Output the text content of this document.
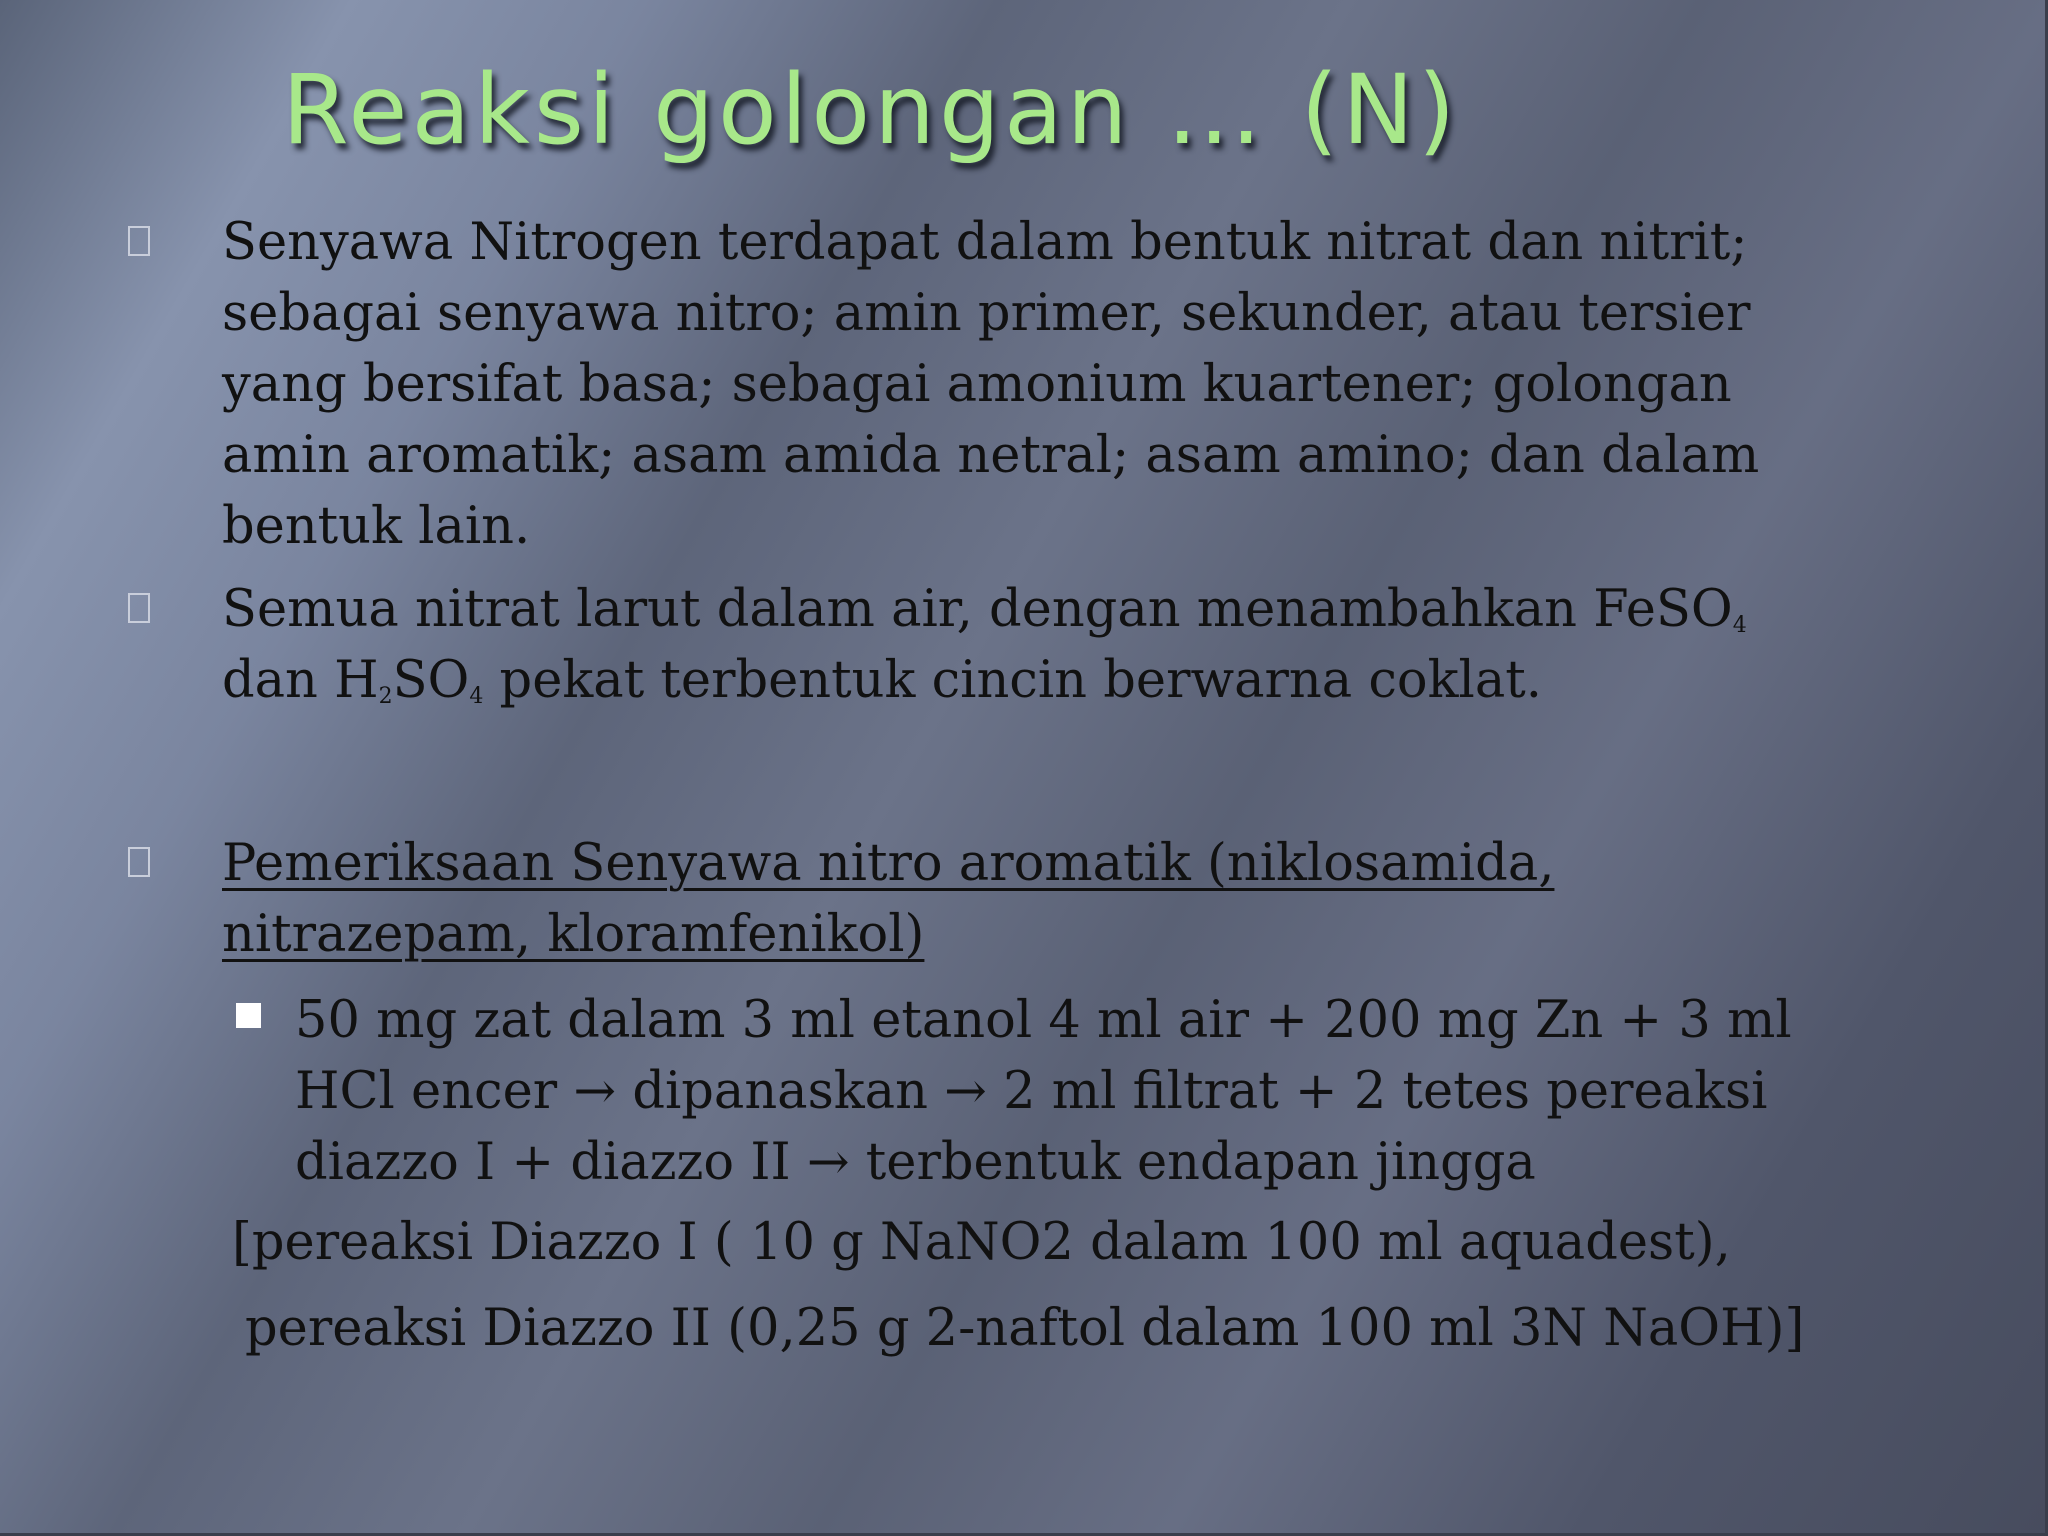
Reaksi golongan … (N)
Senyawa Nitrogen terdapat dalam bentuk nitrat dan nitrit; sebagai senyawa nitro; amin primer, sekunder, atau tersier yang bersifat basa; sebagai amonium kuartener; golongan amin aromatik; asam amida netral; asam amino; dan dalam bentuk lain.
Semua nitrat larut dalam air, dengan menambahkan FeSO$_4$
dan $H_2SO_4$ pekat terbentuk cincin berwarna coklat.
Pemeriksaan Senyawa nitro aromatik (niklosamida, nitrazepam, kloramfenikol)
50 mg zat dalam 3 ml etanol 4 ml air + 200 mg Zn + 3 ml HCl encer → dipanaskan → 2 ml filtrat + 2 tetes pereaksi diazzo I + diazzo II → terbentuk endapan jingga
[pereaksi Diazzo I ( 10 g NaNO2 dalam 100 ml aquadest),
pereaksi Diazzo II (0,25 g 2-naftol dalam 100 ml 3N NaOH)]
